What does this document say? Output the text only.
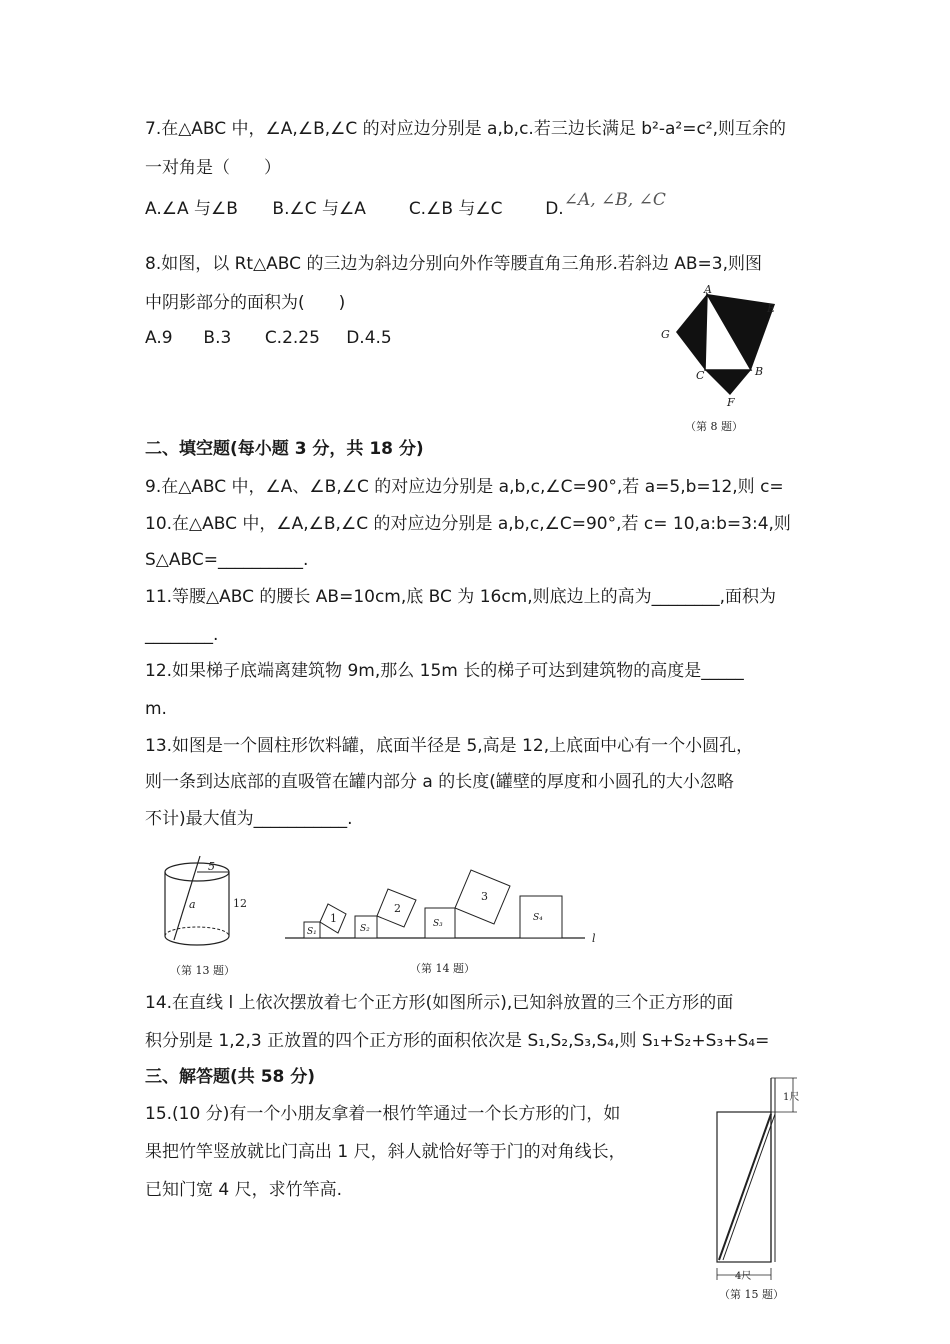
7.在△ABC 中，∠A,∠B,∠C 的对应边分别是 a,b,c.若三边长满足 b²-a²=c²,则互余的
一对角是（　　）
A.∠A 与∠B B.∠C 与∠A	C.∠B 与∠C	D.∠A, ∠B, ∠C
8.如图，以 Rt△ABC 的三边为斜边分别向外作等腰直角三角形.若斜边 AB=3,则图
中阴影部分的面积为(　　)
A.9 B.3 C.2.25 D.4.5
A
B
C
E
F
G
（第 8 题）
二、填空题(每小题 3 分，共 18 分)
9.在△ABC 中，∠A、∠B,∠C 的对应边分别是 a,b,c,∠C=90°,若 a=5,b=12,则 c=
10.在△ABC 中，∠A,∠B,∠C 的对应边分别是 a,b,c,∠C=90°,若 c= 10,a:b=3:4,则
S△ABC=__________.
11.等腰△ABC 的腰长 AB=10cm,底 BC 为 16cm,则底边上的高为________,面积为
________.
12.如果梯子底端离建筑物 9m,那么 15m 长的梯子可达到建筑物的高度是_____
m.
13.如图是一个圆柱形饮料罐，底面半径是 5,高是 12,上底面中心有一个小圆孔，
则一条到达底部的直吸管在罐内部分 a 的长度(罐壁的厚度和小圆孔的大小忽略
不计)最大值为___________.
5
12
a
（第 13 题）
S₁
1
S₂
2
S₃
3
S₄
l
（第 14 题）
14.在直线 l 上依次摆放着七个正方形(如图所示),已知斜放置的三个正方形的面
积分别是 1,2,3 正放置的四个正方形的面积依次是 S₁,S₂,S₃,S₄,则 S₁+S₂+S₃+S₄=
三、解答题(共 58 分)
15.(10 分)有一个小朋友拿着一根竹竿通过一个长方形的门，如
果把竹竿竖放就比门高出 1 尺，斜人就恰好等于门的对角线长，
已知门宽 4 尺，求竹竿高.
1尺
4尺
（第 15 题）
